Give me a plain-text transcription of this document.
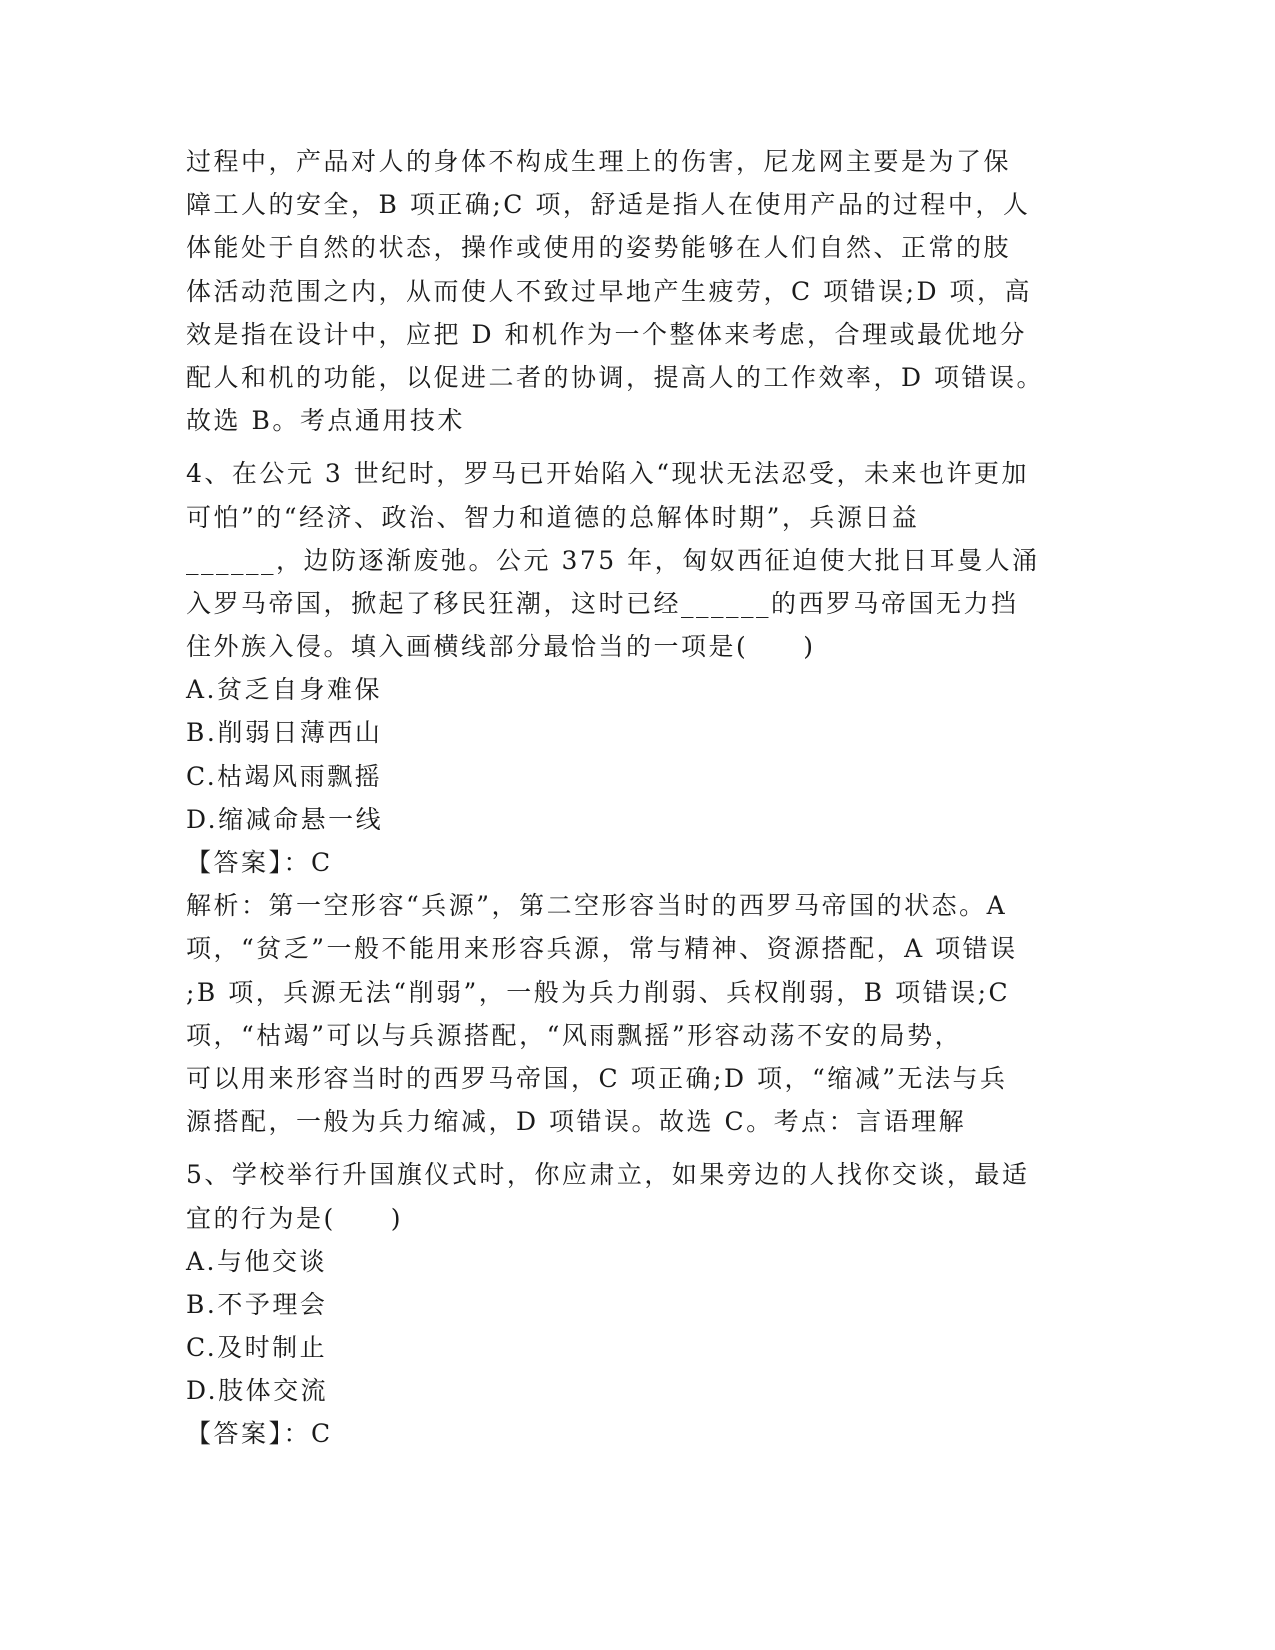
过程中，产品对人的身体不构成生理上的伤害，尼龙网主要是为了保
障工人的安全，B 项正确;C 项，舒适是指人在使用产品的过程中，人
体能处于自然的状态，操作或使用的姿势能够在人们自然、正常的肢
体活动范围之内，从而使人不致过早地产生疲劳，C 项错误;D 项，高
效是指在设计中，应把 D 和机作为一个整体来考虑，合理或最优地分
配人和机的功能，以促进二者的协调，提高人的工作效率，D 项错误。
故选 B。考点通用技术
4、在公元 3 世纪时，罗马已开始陷入“现状无法忍受，未来也许更加
可怕”的“经济、政治、智力和道德的总解体时期”，兵源日益
______，边防逐渐废弛。公元 375 年，匈奴西征迫使大批日耳曼人涌
入罗马帝国，掀起了移民狂潮，这时已经______的西罗马帝国无力挡
住外族入侵。填入画横线部分最恰当的一项是(　　)
A.贫乏自身难保
B.削弱日薄西山
C.枯竭风雨飘摇
D.缩减命悬一线
【答案】：C
解析：第一空形容“兵源”，第二空形容当时的西罗马帝国的状态。A
项，“贫乏”一般不能用来形容兵源，常与精神、资源搭配，A 项错误
;B 项，兵源无法“削弱”，一般为兵力削弱、兵权削弱，B 项错误;C
项，“枯竭”可以与兵源搭配，“风雨飘摇”形容动荡不安的局势，
可以用来形容当时的西罗马帝国，C 项正确;D 项，“缩减”无法与兵
源搭配，一般为兵力缩减，D 项错误。故选 C。考点：言语理解
5、学校举行升国旗仪式时，你应肃立，如果旁边的人找你交谈，最适
宜的行为是(　　)
A.与他交谈
B.不予理会
C.及时制止
D.肢体交流
【答案】：C
